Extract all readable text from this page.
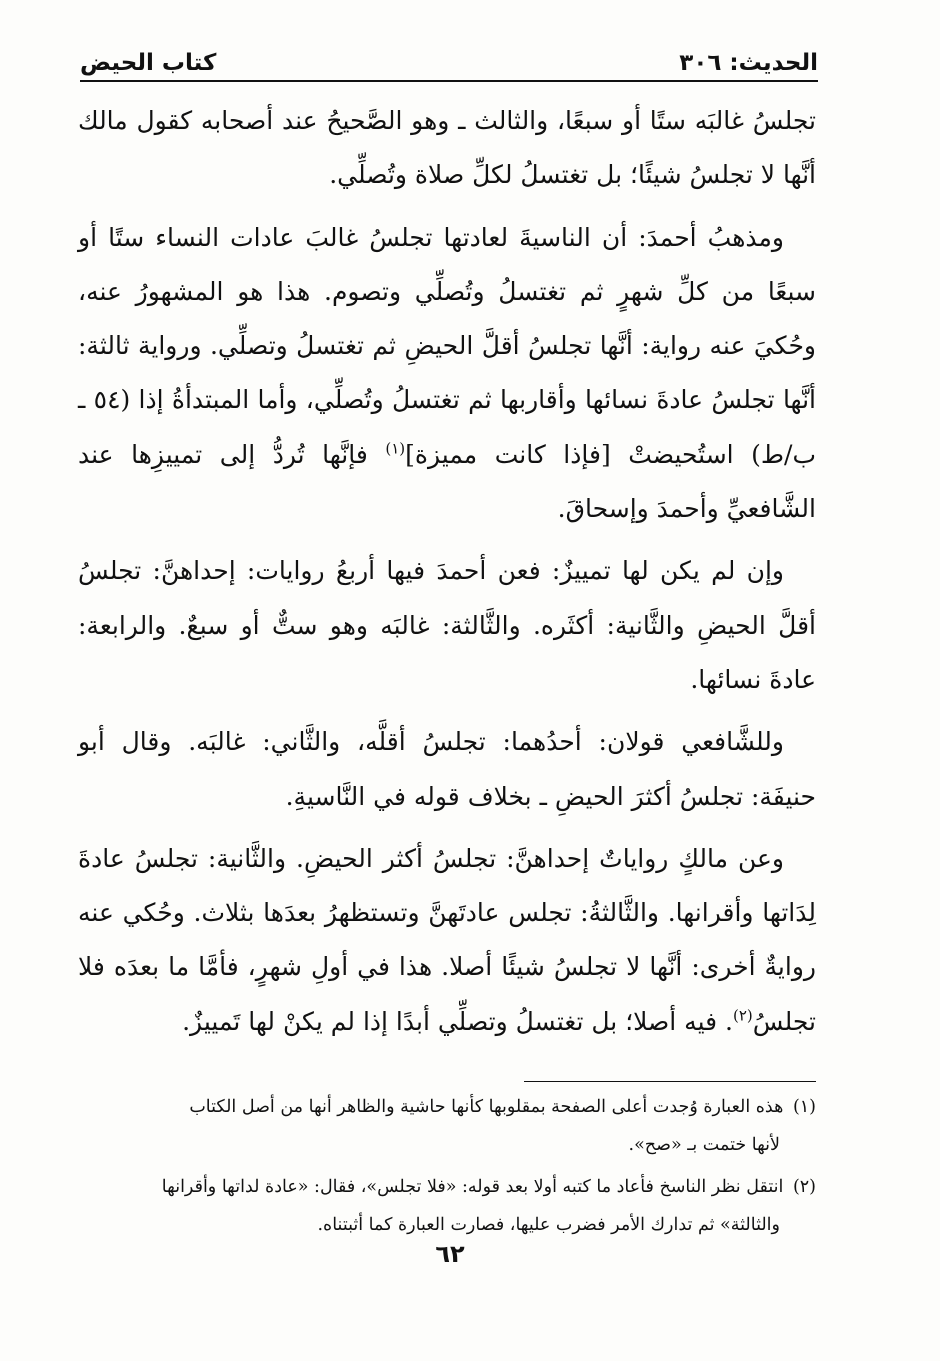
الحديث: ٣٠٦
كتاب الحيض

تجلسُ غالبَه ستًا أو سبعًا، والثالث ـ وهو الصَّحيحُ عند أصحابه كقول مالك أنَّها لا تجلسُ شيئًا؛ بل تغتسلُ لكلِّ صلاة وتُصلِّي.

ومذهبُ أحمدَ: أن الناسيةَ لعادتها تجلسُ غالبَ عادات النساء ستًا أو سبعًا من كلِّ شهرٍ ثم تغتسلُ وتُصلِّي وتصوم. هذا هو المشهورُ عنه، وحُكيَ عنه رواية: أنَّها تجلسُ أقلَّ الحيضِ ثم تغتسلُ وتصلِّي. ورواية ثالثة: أنَّها تجلسُ عادةَ نسائها وأقاربها ثم تغتسلُ وتُصلِّي، وأما المبتدأةُ إذا (٥٤ ـ ب/ط) استُحيضتْ [فإذا كانت مميزة]$^{(١)}$ فإنَّها تُردُّ إلى تمييزِها عند الشَّافعيِّ وأحمدَ وإسحاقَ.

وإن لم يكن لها تمييزٌ: فعن أحمدَ فيها أربعُ روايات: إحداهنَّ: تجلسُ أقلَّ الحيضِ والثَّانية: أكثَره. والثَّالثة: غالبَه وهو ستٌّ أو سبعٌ. والرابعة: عادةَ نسائها.

وللشَّافعي قولان: أحدُهما: تجلسُ أقلَّه، والثَّاني: غالبَه. وقال أبو حنيفَة: تجلسُ أكثرَ الحيضِ ـ بخلاف قوله في النَّاسيةِ.

وعن مالكٍ رواياتٌ إحداهنَّ: تجلسُ أكثر الحيضِ. والثَّانية: تجلسُ عادةَ لِدَاتها وأقرانها. والثَّالثةُ: تجلس عادتَهنَّ وتستظهرُ بعدَها بثلاث. وحُكي عنه روايةٌ أخرى: أنَّها لا تجلسُ شيئًا أصلا. هذا في أولِ شهرٍ، فأمَّا ما بعدَه فلا تجلسُ$^{(٢)}$. فيه أصلا؛ بل تغتسلُ وتصلِّي أبدًا إذا لم يكنْ لها تَمييزٌ.

(١) هذه العبارة وُجدت أعلى الصفحة بمقلوبها كأنها حاشية والظاهر أنها من أصل الكتاب
لأنها ختمت بـ «صح».

(٢) انتقل نظر الناسخ فأعاد ما كتبه أولا بعد قوله: «فلا تجلس»، فقال: «عادة لداتها وأقرانها
والثالثة» ثم تدارك الأمر فضرب عليها، فصارت العبارة كما أثبتناه.

٦٢
